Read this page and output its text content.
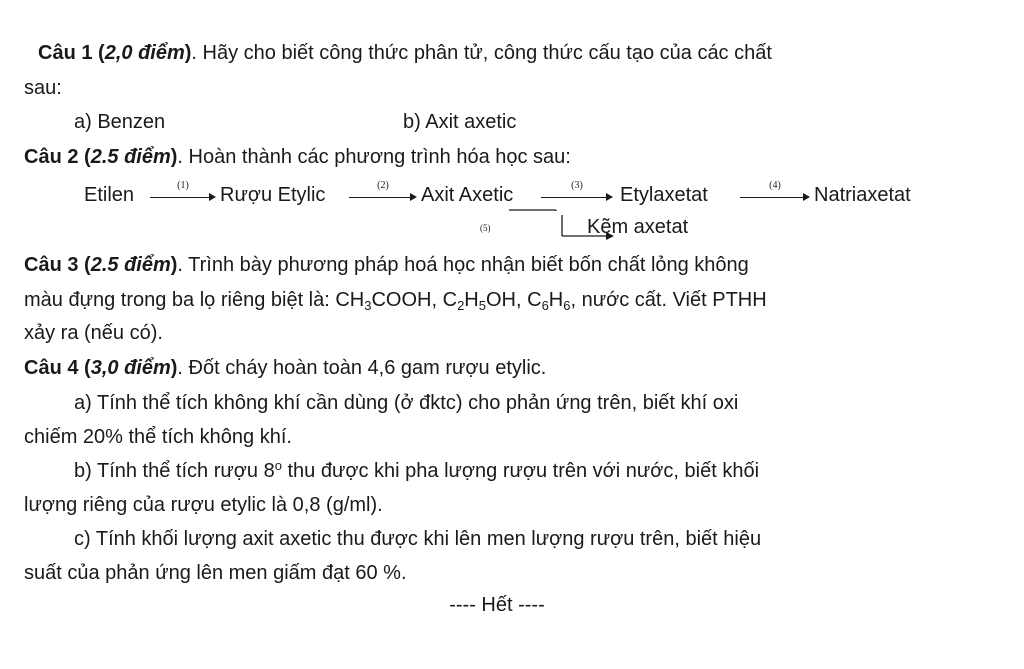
Câu 1 (2,0 điểm). Hãy cho biết công thức phân tử, công thức cấu tạo của các chất
sau:
a) Benzen	b) Axit axetic
Câu 2 (2.5 điểm). Hoàn thành các phương trình hóa học sau:
Etilen	(1)	Rượu Etylic	(2)	Axit Axetic	(3)	Etylaxetat	(4)	Natriaxetat
(5)	Kẽm axetat
Câu 3 (2.5 điểm). Trình bày phương pháp hoá học nhận biết bốn chất lỏng không
màu đựng trong ba lọ riêng biệt là: $CH_3COOH$, $C_2H_5OH$, $C_6H_6$, nước cất. Viết PTHH
xảy ra (nếu có).
Câu 4 (3,0 điểm). Đốt cháy hoàn toàn 4,6 gam rượu etylic.
a) Tính thể tích không khí cần dùng (ở đktc) cho phản ứng trên, biết khí oxi
chiếm 20% thể tích không khí.
b) Tính thể tích rượu 8$^o$ thu được khi pha lượng rượu trên với nước, biết khối
lượng riêng của rượu etylic là 0,8 (g/ml).
c) Tính khối lượng axit axetic thu được khi lên men lượng rượu trên, biết hiệu
suất của phản ứng lên men giấm đạt 60 %.
---- Hết ----
